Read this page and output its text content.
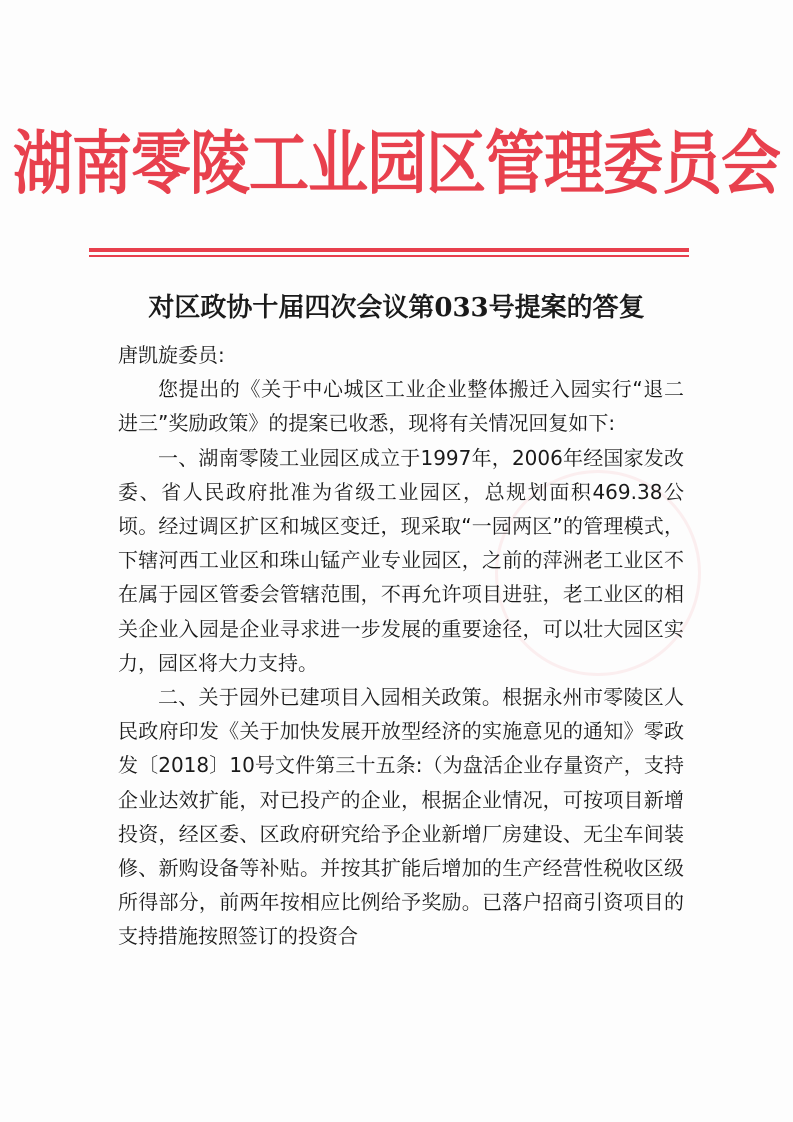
湖南零陵工业园区管理委员会
对区政协十届四次会议第033号提案的答复

唐凯旋委员:

您提出的《关于中心城区工业企业整体搬迁入园实行“退二进三”奖励政策》的提案已收悉，现将有关情况回复如下:

一、湖南零陵工业园区成立于1997年，2006年经国家发改委、省人民政府批准为省级工业园区，总规划面积469.38公顷。经过调区扩区和城区变迁，现采取“一园两区”的管理模式，下辖河西工业区和珠山锰产业专业园区，之前的萍洲老工业区不在属于园区管委会管辖范围，不再允许项目进驻，老工业区的相关企业入园是企业寻求进一步发展的重要途径，可以壮大园区实力，园区将大力支持。

二、关于园外已建项目入园相关政策。根据永州市零陵区人民政府印发《关于加快发展开放型经济的实施意见的通知》零政发〔2018〕10号文件第三十五条:（为盘活企业存量资产，支持企业达效扩能，对已投产的企业，根据企业情况，可按项目新增投资，经区委、区政府研究给予企业新增厂房建设、无尘车间装修、新购设备等补贴。并按其扩能后增加的生产经营性税收区级所得部分，前两年按相应比例给予奖励。已落户招商引资项目的支持措施按照签订的投资合
